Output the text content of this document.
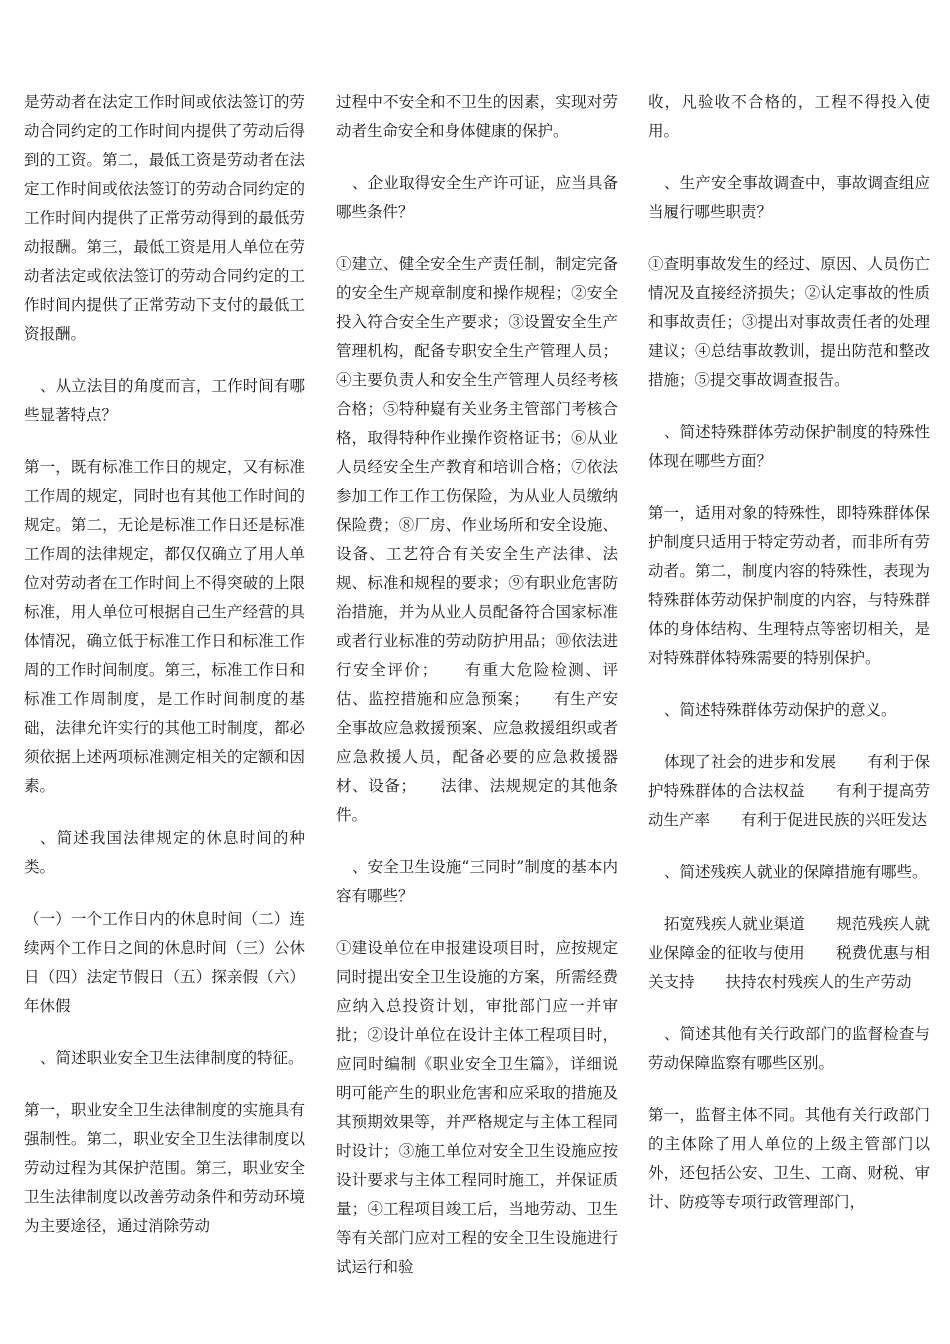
是劳动者在法定工作时间或依法签订的劳动合同约定的工作时间内提供了劳动后得到的工资。第二，最低工资是劳动者在法定工作时间或依法签订的劳动合同约定的工作时间内提供了正常劳动得到的最低劳动报酬。第三，最低工资是用人单位在劳动者法定或依法签订的劳动合同约定的工作时间内提供了正常劳动下支付的最低工资报酬。

、从立法目的角度而言，工作时间有哪些显著特点？

第一，既有标准工作日的规定，又有标准工作周的规定，同时也有其他工作时间的规定。第二，无论是标准工作日还是标准工作周的法律规定，都仅仅确立了用人单位对劳动者在工作时间上不得突破的上限标准，用人单位可根据自己生产经营的具体情况，确立低于标准工作日和标准工作周的工作时间制度。第三，标准工作日和标准工作周制度，是工作时间制度的基础，法律允许实行的其他工时制度，都必须依据上述两项标准测定相关的定额和因素。

、简述我国法律规定的休息时间的种类。

（一）一个工作日内的休息时间（二）连续两个工作日之间的休息时间（三）公休日（四）法定节假日（五）探亲假（六）年休假

、简述职业安全卫生法律制度的特征。

第一，职业安全卫生法律制度的实施具有强制性。第二，职业安全卫生法律制度以劳动过程为其保护范围。第三，职业安全卫生法律制度以改善劳动条件和劳动环境为主要途径，通过消除劳动

过程中不安全和不卫生的因素，实现对劳动者生命安全和身体健康的保护。

、企业取得安全生产许可证，应当具备哪些条件？

①建立、健全安全生产责任制，制定完备的安全生产规章制度和操作规程；②安全投入符合安全生产要求；③设置安全生产管理机构，配备专职安全生产管理人员；④主要负责人和安全生产管理人员经考核合格；⑤特种嶷有关业务主管部门考核合格，取得特种作业操作资格证书；⑥从业人员经安全生产教育和培训合格；⑦依法参加工作工作工伤保险，为从业人员缴纳保险费；⑧厂房、作业场所和安全设施、设备、工艺符合有关安全生产法律、法规、标准和规程的要求；⑨有职业危害防治措施，并为从业人员配备符合国家标准或者行业标准的劳动防护用品；⑩依法进行安全评价；　　有重大危险检测、评估、监控措施和应急预案；　　有生产安全事故应急救援预案、应急救援组织或者应急救援人员，配备必要的应急救援器材、设备；　　法律、法规规定的其他条件。

、安全卫生设施“三同时”制度的基本内容有哪些？

①建设单位在申报建设项目时，应按规定同时提出安全卫生设施的方案，所需经费应纳入总投资计划，审批部门应一并审批；②设计单位在设计主体工程项目时，应同时编制《职业安全卫生篇》，详细说明可能产生的职业危害和应采取的措施及其预期效果等，并严格规定与主体工程同时设计；③施工单位对安全卫生设施应按设计要求与主体工程同时施工，并保证质量；④工程项目竣工后，当地劳动、卫生等有关部门应对工程的安全卫生设施进行试运行和验

收，凡验收不合格的，工程不得投入使用。

、生产安全事故调查中，事故调查组应当履行哪些职责？

①查明事故发生的经过、原因、人员伤亡情况及直接经济损失；②认定事故的性质和事故责任；③提出对事故责任者的处理建议；④总结事故教训，提出防范和整改措施；⑤提交事故调查报告。

、简述特殊群体劳动保护制度的特殊性体现在哪些方面？

第一，适用对象的特殊性，即特殊群体保护制度只适用于特定劳动者，而非所有劳动者。第二，制度内容的特殊性，表现为特殊群体劳动保护制度的内容，与特殊群体的身体结构、生理特点等密切相关，是对特殊群体特殊需要的特别保护。

、简述特殊群体劳动保护的意义。

体现了社会的进步和发展　　有利于保护特殊群体的合法权益　　有利于提高劳动生产率　　有利于促进民族的兴旺发达

、简述残疾人就业的保障措施有哪些。

拓宽残疾人就业渠道　　规范残疾人就业保障金的征收与使用　　税费优惠与相关支持　　扶持农村残疾人的生产劳动

、简述其他有关行政部门的监督检查与劳动保障监察有哪些区别。

第一，监督主体不同。其他有关行政部门的主体除了用人单位的上级主管部门以外，还包括公安、卫生、工商、财税、审计、防疫等专项行政管理部门，
